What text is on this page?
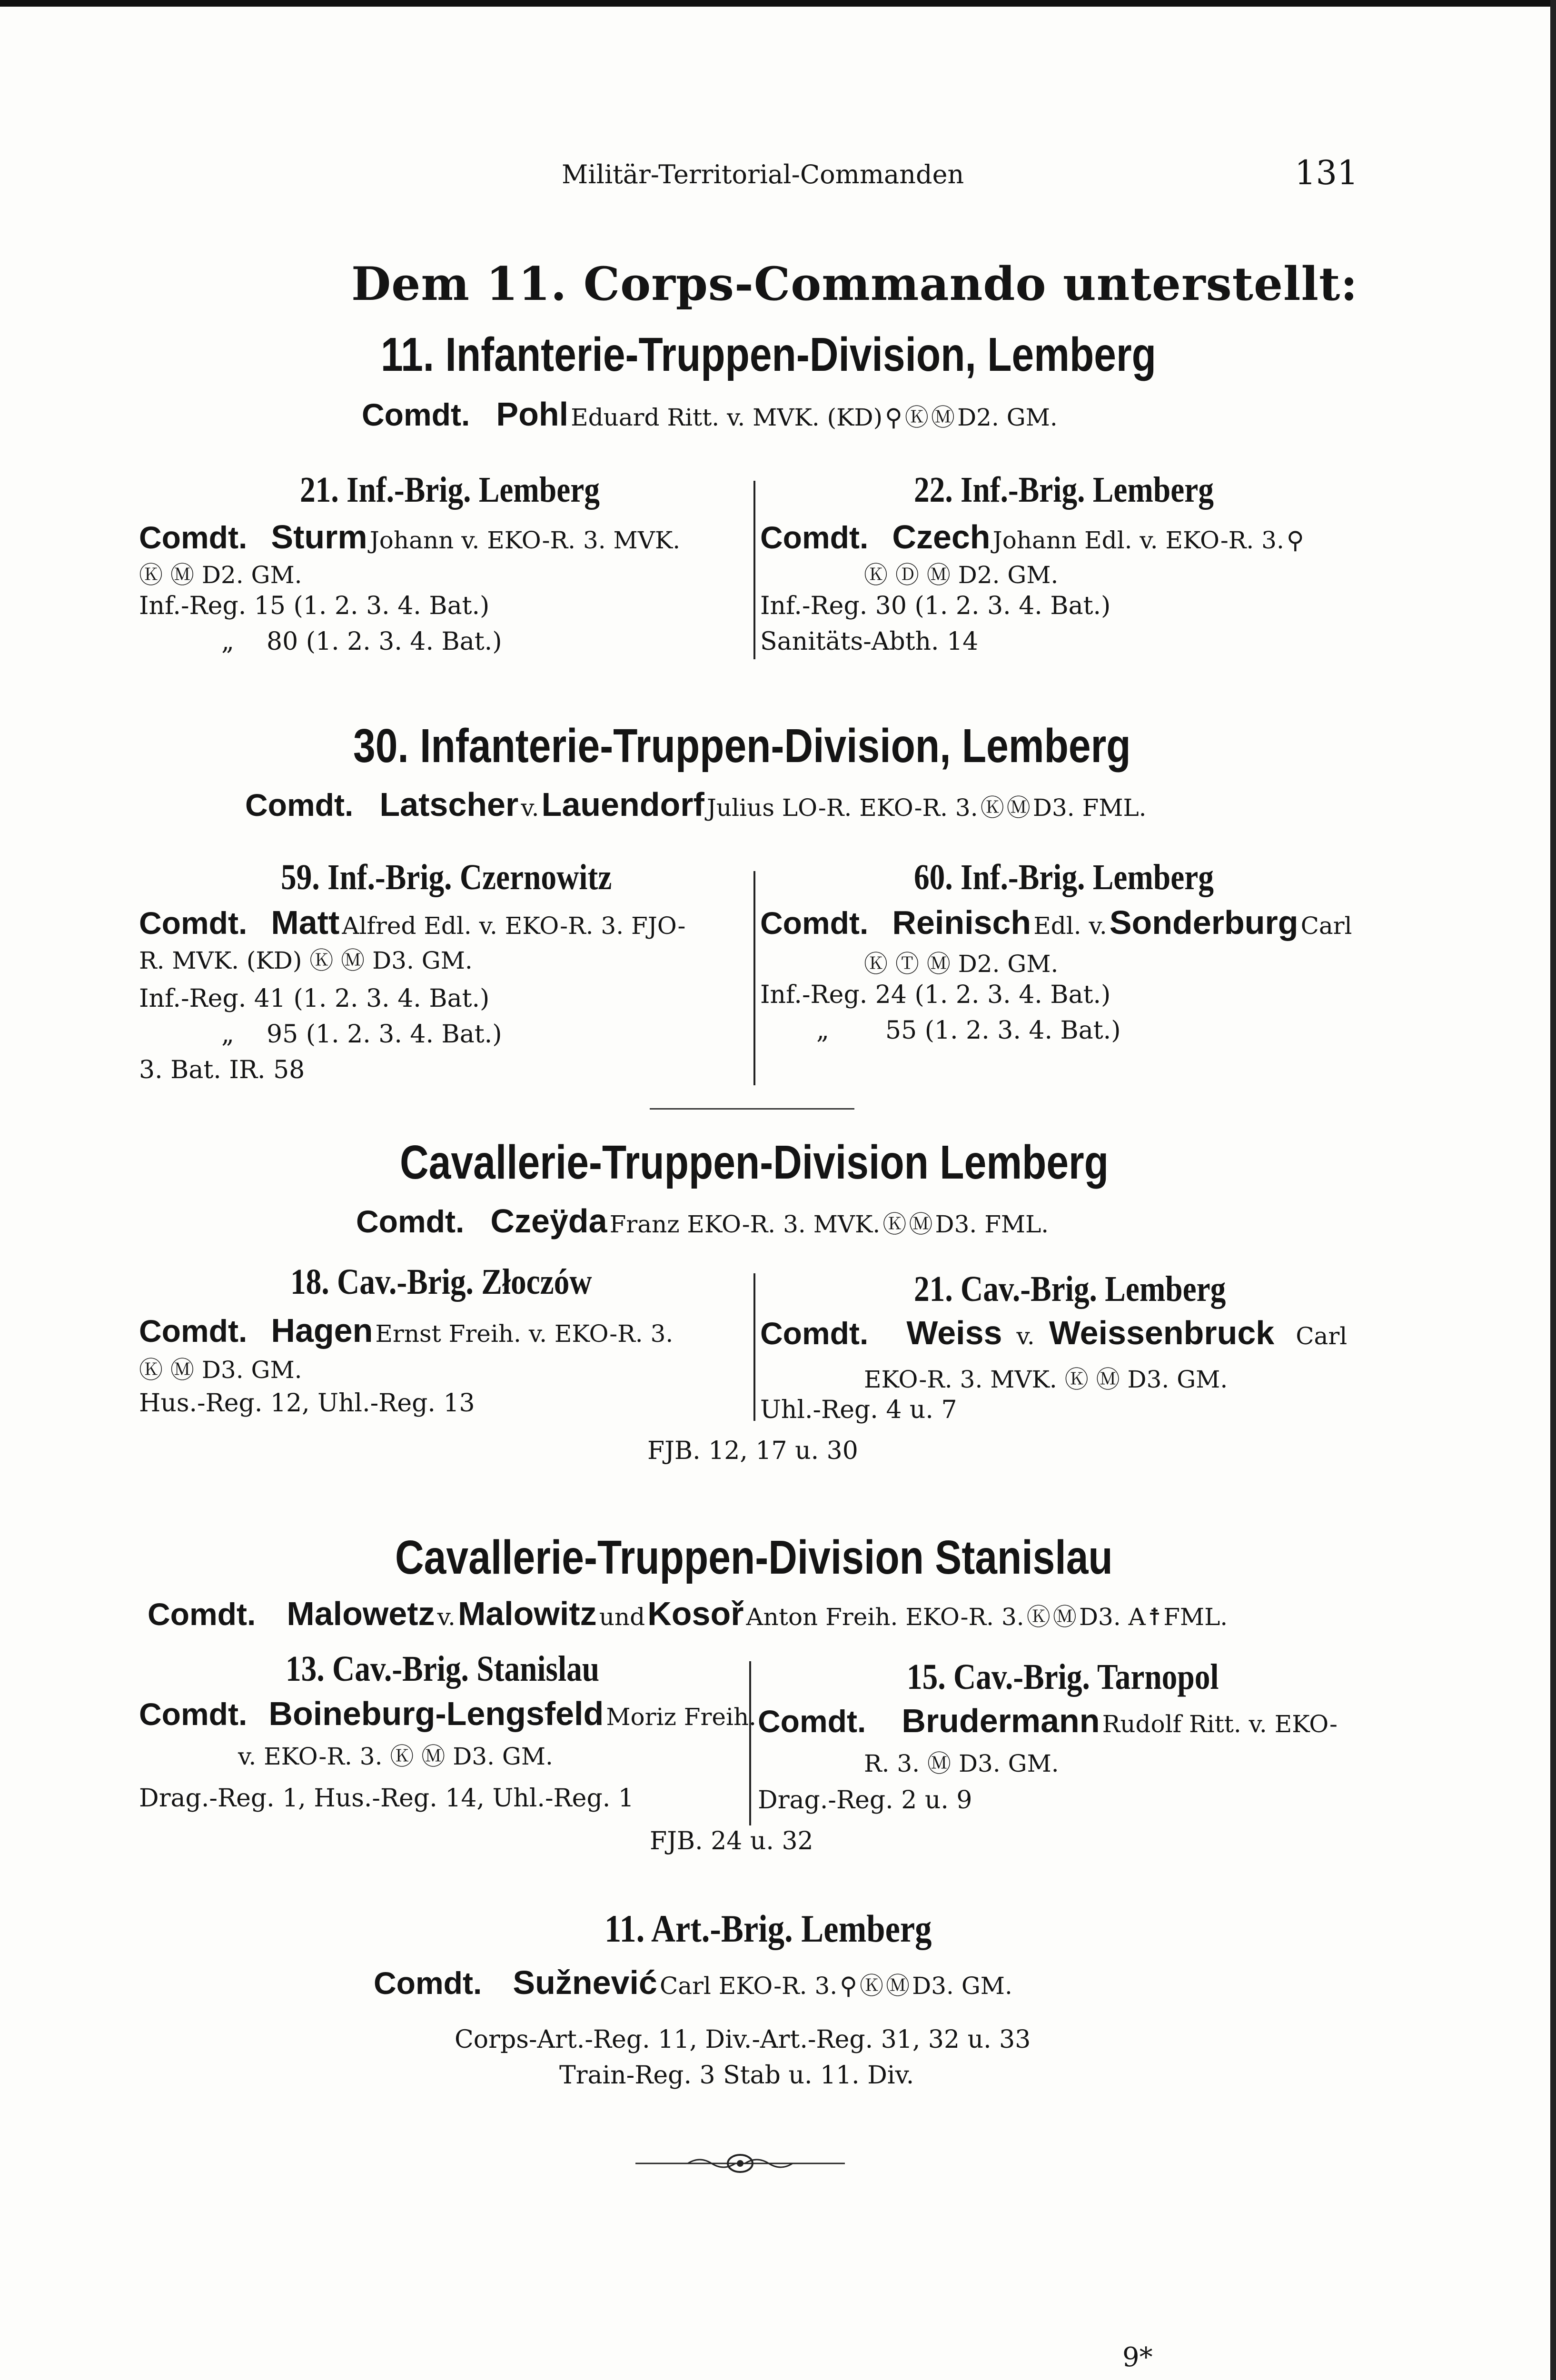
Militär-Territorial-Commanden	131
Dem 11. Corps-Commando unterstellt:
11. Infanterie-Truppen-Division, Lemberg
Comdt. Pohl Eduard Ritt. v. MVK. (KD) ⚲ Ⓚ Ⓜ D2. GM.
21. Inf.-Brig. Lemberg
Comdt. Sturm Johann v. EKO-R. 3. MVK.
Ⓚ Ⓜ D2. GM.
Inf.-Reg. 15 (1. 2. 3. 4. Bat.)
„ 80 (1. 2. 3. 4. Bat.)
22. Inf.-Brig. Lemberg
Comdt. Czech Johann Edl. v. EKO-R. 3. ⚲
Ⓚ Ⓓ Ⓜ D2. GM.
Inf.-Reg. 30 (1. 2. 3. 4. Bat.)
Sanitäts-Abth. 14
30. Infanterie-Truppen-Division, Lemberg
Comdt. Latscher v. Lauendorf Julius LO-R. EKO-R. 3. Ⓚ Ⓜ D3. FML.
59. Inf.-Brig. Czernowitz
Comdt. Matt Alfred Edl. v. EKO-R. 3. FJO-
R. MVK. (KD) Ⓚ Ⓜ D3. GM.
Inf.-Reg. 41 (1. 2. 3. 4. Bat.)
„ 95 (1. 2. 3. 4. Bat.)
3. Bat. IR. 58
60. Inf.-Brig. Lemberg
Comdt. Reinisch Edl. v. Sonderburg Carl
Ⓚ Ⓣ Ⓜ D2. GM.
Inf.-Reg. 24 (1. 2. 3. 4. Bat.)
„ 55 (1. 2. 3. 4. Bat.)
Cavallerie-Truppen-Division Lemberg
Comdt. Czeÿda Franz EKO-R. 3. MVK. Ⓚ Ⓜ D3. FML.
18. Cav.-Brig. Złoczów
Comdt. Hagen Ernst Freih. v. EKO-R. 3.
Ⓚ Ⓜ D3. GM.
Hus.-Reg. 12, Uhl.-Reg. 13
21. Cav.-Brig. Lemberg
Comdt. Weiss v. Weissenbruck Carl
EKO-R. 3. MVK. Ⓚ Ⓜ D3. GM.
Uhl.-Reg. 4 u. 7
FJB. 12, 17 u. 30
Cavallerie-Truppen-Division Stanislau
Comdt. Malowetz v. Malowitz und Kosoř Anton Freih. EKO-R. 3. Ⓚ Ⓜ D3. A ☨ FML.
13. Cav.-Brig. Stanislau
Comdt. Boineburg-Lengsfeld Moriz Freih.
v. EKO-R. 3. Ⓚ Ⓜ D3. GM.
Drag.-Reg. 1, Hus.-Reg. 14, Uhl.-Reg. 1
15. Cav.-Brig. Tarnopol
Comdt. Brudermann Rudolf Ritt. v. EKO-
R. 3. Ⓜ D3. GM.
Drag.-Reg. 2 u. 9
FJB. 24 u. 32
11. Art.-Brig. Lemberg
Comdt. Sužnević Carl EKO-R. 3. ⚲ Ⓚ Ⓜ D3. GM.
Corps-Art.-Reg. 11, Div.-Art.-Reg. 31, 32 u. 33
Train-Reg. 3 Stab u. 11. Div.
9*
